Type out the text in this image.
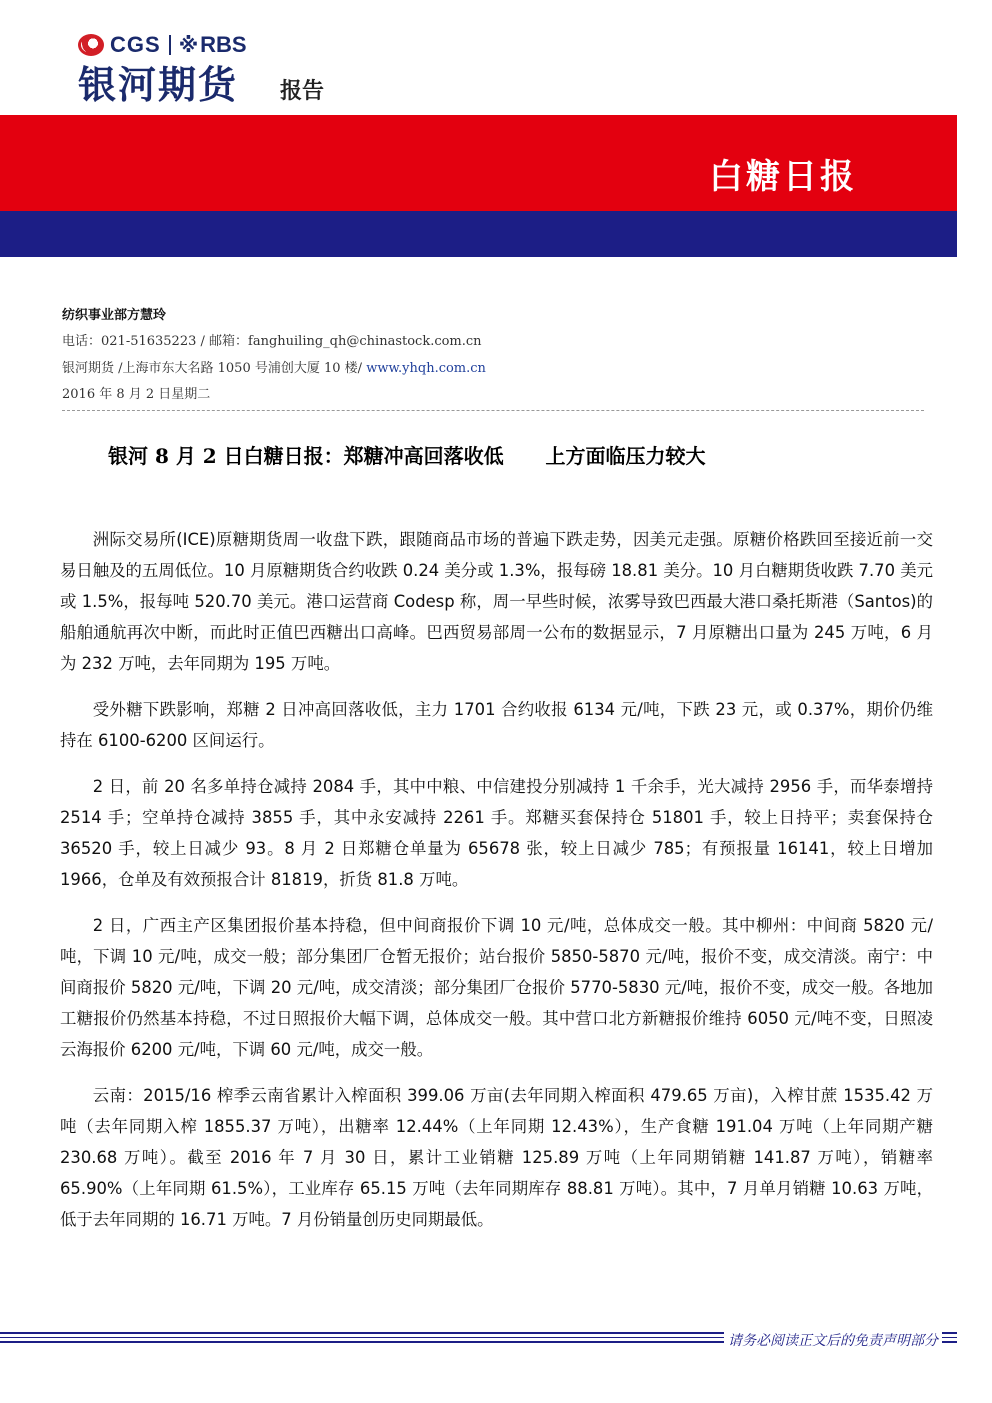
CGS ※ RBS
银河期货	报告
白糖日报
纺织事业部方慧玲
电话：021-51635223 / 邮箱：fanghuiling_qh@chinastock.com.cn
银河期货 /上海市东大名路 1050 号浦创大厦 10 楼/ www.yhqh.com.cn
2016 年 8 月 2 日星期二
银河 8 月 2 日白糖日报：郑糖冲高回落收低      上方面临压力较大

洲际交易所(ICE)原糖期货周一收盘下跌，跟随商品市场的普遍下跌走势，因美元走强。原糖价格跌回至接近前一交易日触及的五周低位。10 月原糖期货合约收跌 0.24 美分或 1.3%，报每磅 18.81 美分。10 月白糖期货收跌 7.70 美元或 1.5%，报每吨 520.70 美元。港口运营商 Codesp 称，周一早些时候，浓雾导致巴西最大港口桑托斯港（Santos)的船舶通航再次中断，而此时正值巴西糖出口高峰。巴西贸易部周一公布的数据显示，7 月原糖出口量为 245 万吨，6 月为 232 万吨，去年同期为 195 万吨。

受外糖下跌影响，郑糖 2 日冲高回落收低，主力 1701 合约收报 6134 元/吨，下跌 23 元，或 0.37%，期价仍维持在 6100-6200 区间运行。

2 日，前 20 名多单持仓减持 2084 手，其中中粮、中信建投分别减持 1 千余手，光大减持 2956 手，而华泰增持 2514 手；空单持仓减持 3855 手，其中永安减持 2261 手。郑糖买套保持仓 51801 手，较上日持平；卖套保持仓 36520 手，较上日减少 93。8 月 2 日郑糖仓单量为 65678 张，较上日减少 785；有预报量 16141，较上日增加 1966，仓单及有效预报合计 81819，折货 81.8 万吨。

2 日，广西主产区集团报价基本持稳，但中间商报价下调 10 元/吨，总体成交一般。其中柳州：中间商 5820 元/吨，下调 10 元/吨，成交一般；部分集团厂仓暂无报价；站台报价 5850-5870 元/吨，报价不变，成交清淡。南宁：中间商报价 5820 元/吨，下调 20 元/吨，成交清淡；部分集团厂仓报价 5770-5830 元/吨，报价不变，成交一般。各地加工糖报价仍然基本持稳，不过日照报价大幅下调，总体成交一般。其中营口北方新糖报价维持 6050 元/吨不变，日照凌云海报价 6200 元/吨，下调 60 元/吨，成交一般。

云南：2015/16 榨季云南省累计入榨面积 399.06 万亩(去年同期入榨面积 479.65 万亩)，入榨甘蔗 1535.42 万吨（去年同期入榨 1855.37 万吨），出糖率 12.44%（上年同期 12.43%），生产食糖 191.04 万吨（上年同期产糖 230.68 万吨）。截至 2016 年 7 月 30 日，累计工业销糖 125.89 万吨（上年同期销糖 141.87 万吨），销糖率 65.90%（上年同期 61.5%），工业库存 65.15 万吨（去年同期库存 88.81 万吨）。其中，7 月单月销糖 10.63 万吨，低于去年同期的 16.71 万吨。7 月份销量创历史同期最低。

请务必阅读正文后的免责声明部分
